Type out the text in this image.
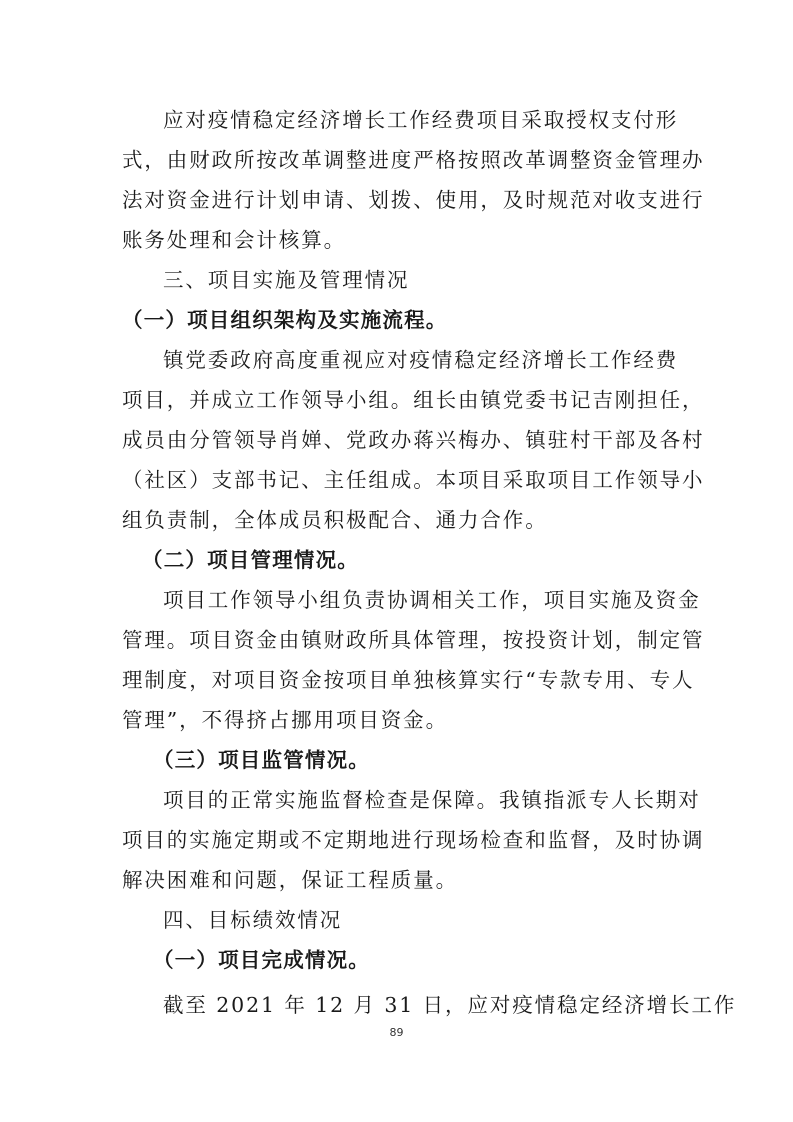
应对疫情稳定经济增长工作经费项目采取授权支付形
式，由财政所按改革调整进度严格按照改革调整资金管理办
法对资金进行计划申请、划拨、使用，及时规范对收支进行
账务处理和会计核算。
三、项目实施及管理情况
（一）项目组织架构及实施流程。
镇党委政府高度重视应对疫情稳定经济增长工作经费
项目，并成立工作领导小组。组长由镇党委书记吉刚担任，
成员由分管领导肖婵、党政办蒋兴梅办、镇驻村干部及各村
（社区）支部书记、主任组成。本项目采取项目工作领导小
组负责制，全体成员积极配合、通力合作。
（二）项目管理情况。
项目工作领导小组负责协调相关工作，项目实施及资金
管理。项目资金由镇财政所具体管理，按投资计划，制定管
理制度，对项目资金按项目单独核算实行“专款专用、专人
管理”，不得挤占挪用项目资金。
（三）项目监管情况。
项目的正常实施监督检查是保障。我镇指派专人长期对
项目的实施定期或不定期地进行现场检查和监督，及时协调
解决困难和问题，保证工程质量。
四、目标绩效情况
（一）项目完成情况。
截至 2021 年 12 月 31 日，应对疫情稳定经济增长工作
89
